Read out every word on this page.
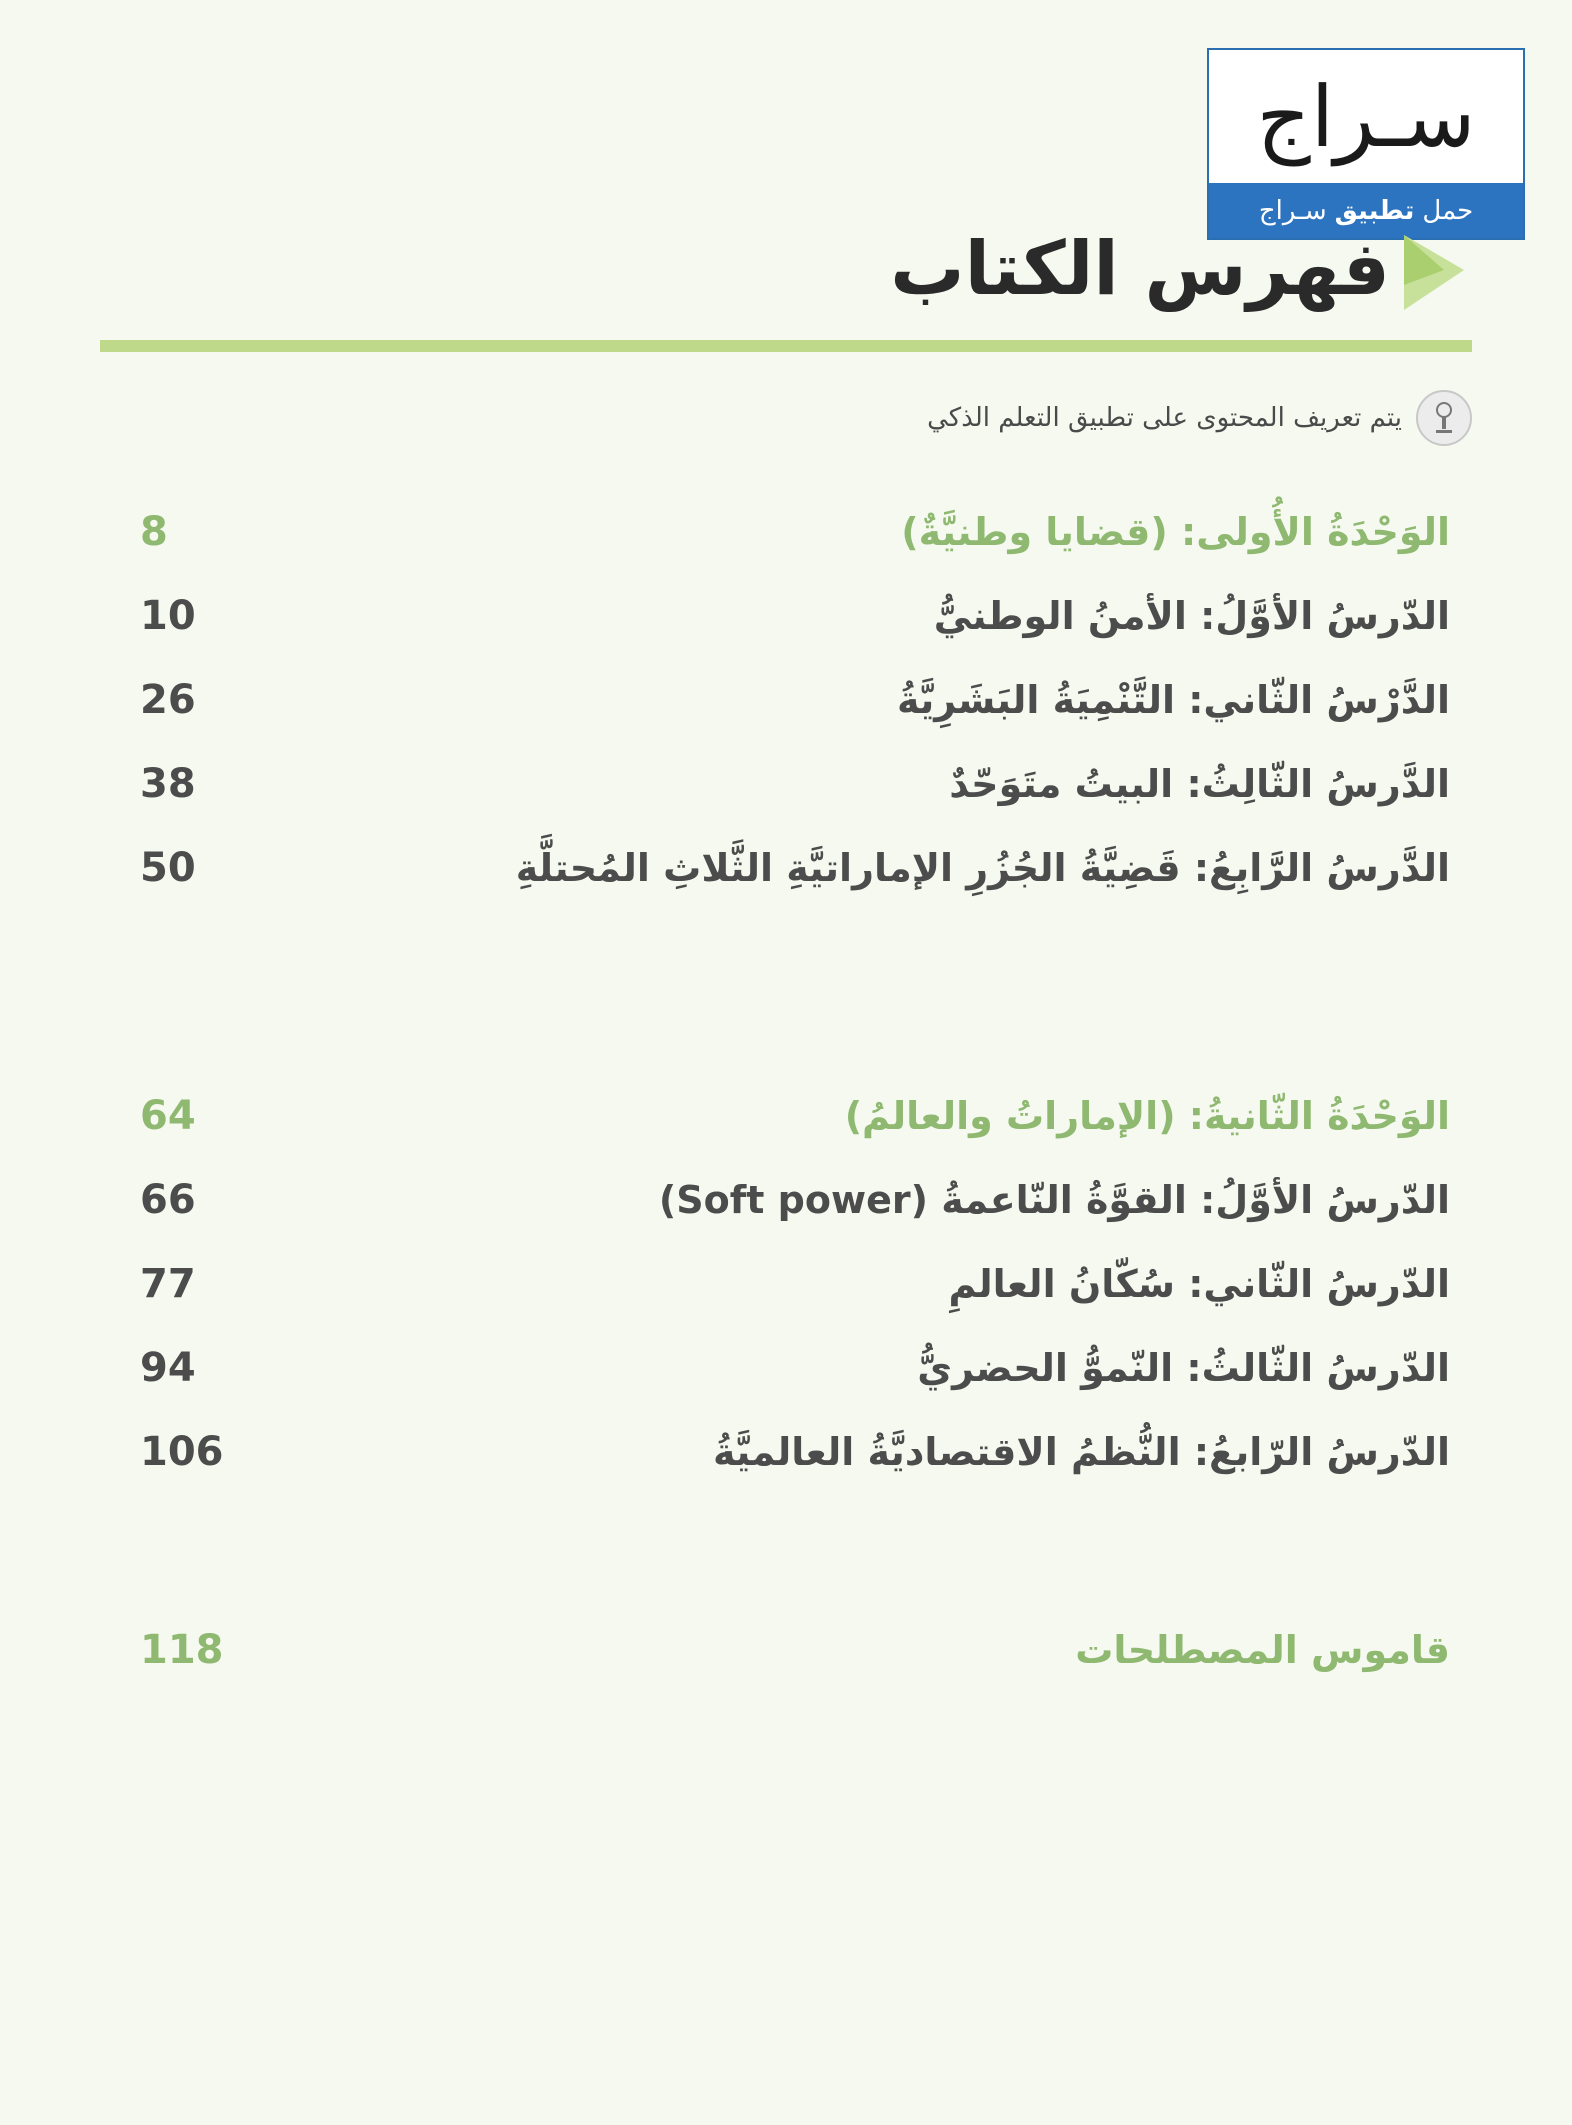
سـراج
حمل
تطبيق
سـراج
فهرس الكتاب
يتم تعريف المحتوى على تطبيق التعلم الذكي
الوَحْدَةُ الأُولى: (قضايا وطنيَّةٌ)
8
الدّرسُ الأوَّلُ: الأمنُ الوطنيُّ
10
الدَّرْسُ الثّاني: التَّنْمِيَةُ البَشَرِيَّةُ
26
الدَّرسُ الثّالِثُ: البيتُ متَوَحّدٌ
38
الدَّرسُ الرَّابِعُ: قَضِيَّةُ الجُزُرِ الإماراتيَّةِ الثَّلاثِ المُحتلَّةِ
50
الوَحْدَةُ الثّانيةُ: (الإماراتُ والعالمُ)
64
الدّرسُ الأوَّلُ: القوَّةُ النّاعمةُ (Soft power)
66
الدّرسُ الثّاني: سُكّانُ العالمِ
77
الدّرسُ الثّالثُ: النّموُّ الحضريُّ
94
الدّرسُ الرّابعُ: النُّظمُ الاقتصاديَّةُ العالميَّةُ
106
قاموس المصطلحات
118
